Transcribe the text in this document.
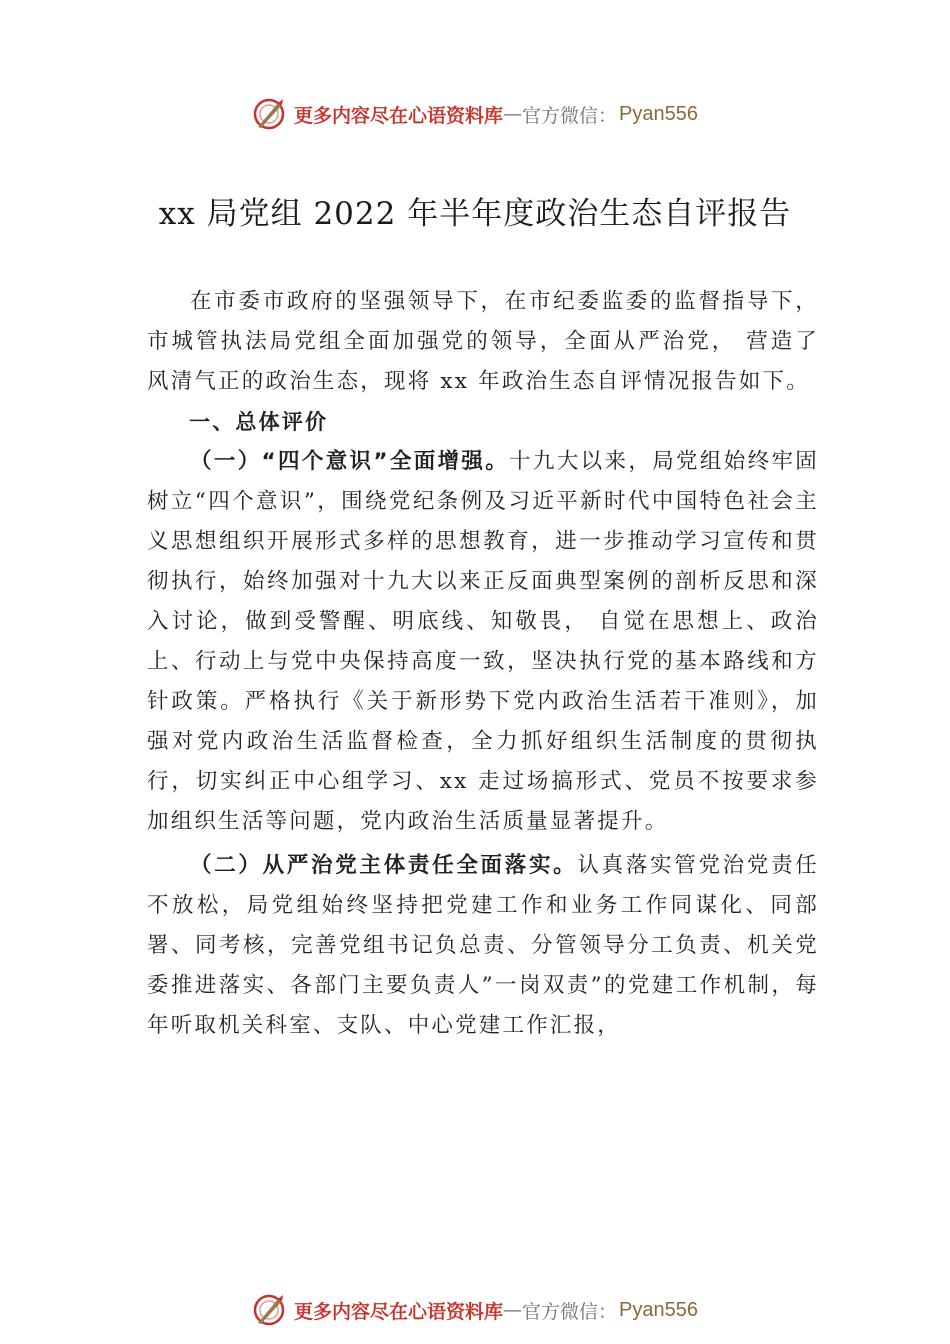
更多内容尽在心语资料库 — 官方微信： Pyan556
xx 局党组 2022 年半年度政治生态自评报告

在市委市政府的坚强领导下，在市纪委监委的监督指导下，市城管执法局党组全面加强党的领导，全面从严治党， 营造了风清气正的政治生态，现将 xx 年政治生态自评情况报告如下。

一、总体评价

（一）“四个意识”全面增强。十九大以来，局党组始终牢固树立“四个意识”，围绕党纪条例及习近平新时代中国特色社会主义思想组织开展形式多样的思想教育，进一步推动学习宣传和贯彻执行，始终加强对十九大以来正反面典型案例的剖析反思和深入讨论，做到受警醒、明底线、知敬畏， 自觉在思想上、政治上、行动上与党中央保持高度一致，坚决执行党的基本路线和方针政策。严格执行《关于新形势下党内政治生活若干准则》，加强对党内政治生活监督检查，全力抓好组织生活制度的贯彻执行，切实纠正中心组学习、xx 走过场搞形式、党员不按要求参加组织生活等问题，党内政治生活质量显著提升。

（二）从严治党主体责任全面落实。认真落实管党治党责任不放松，局党组始终坚持把党建工作和业务工作同谋化、同部署、同考核，完善党组书记负总责、分管领导分工负责、机关党委推进落实、各部门主要负责人”一岗双责”的党建工作机制，每年听取机关科室、支队、中心党建工作汇报，

更多内容尽在心语资料库 — 官方微信： Pyan556
